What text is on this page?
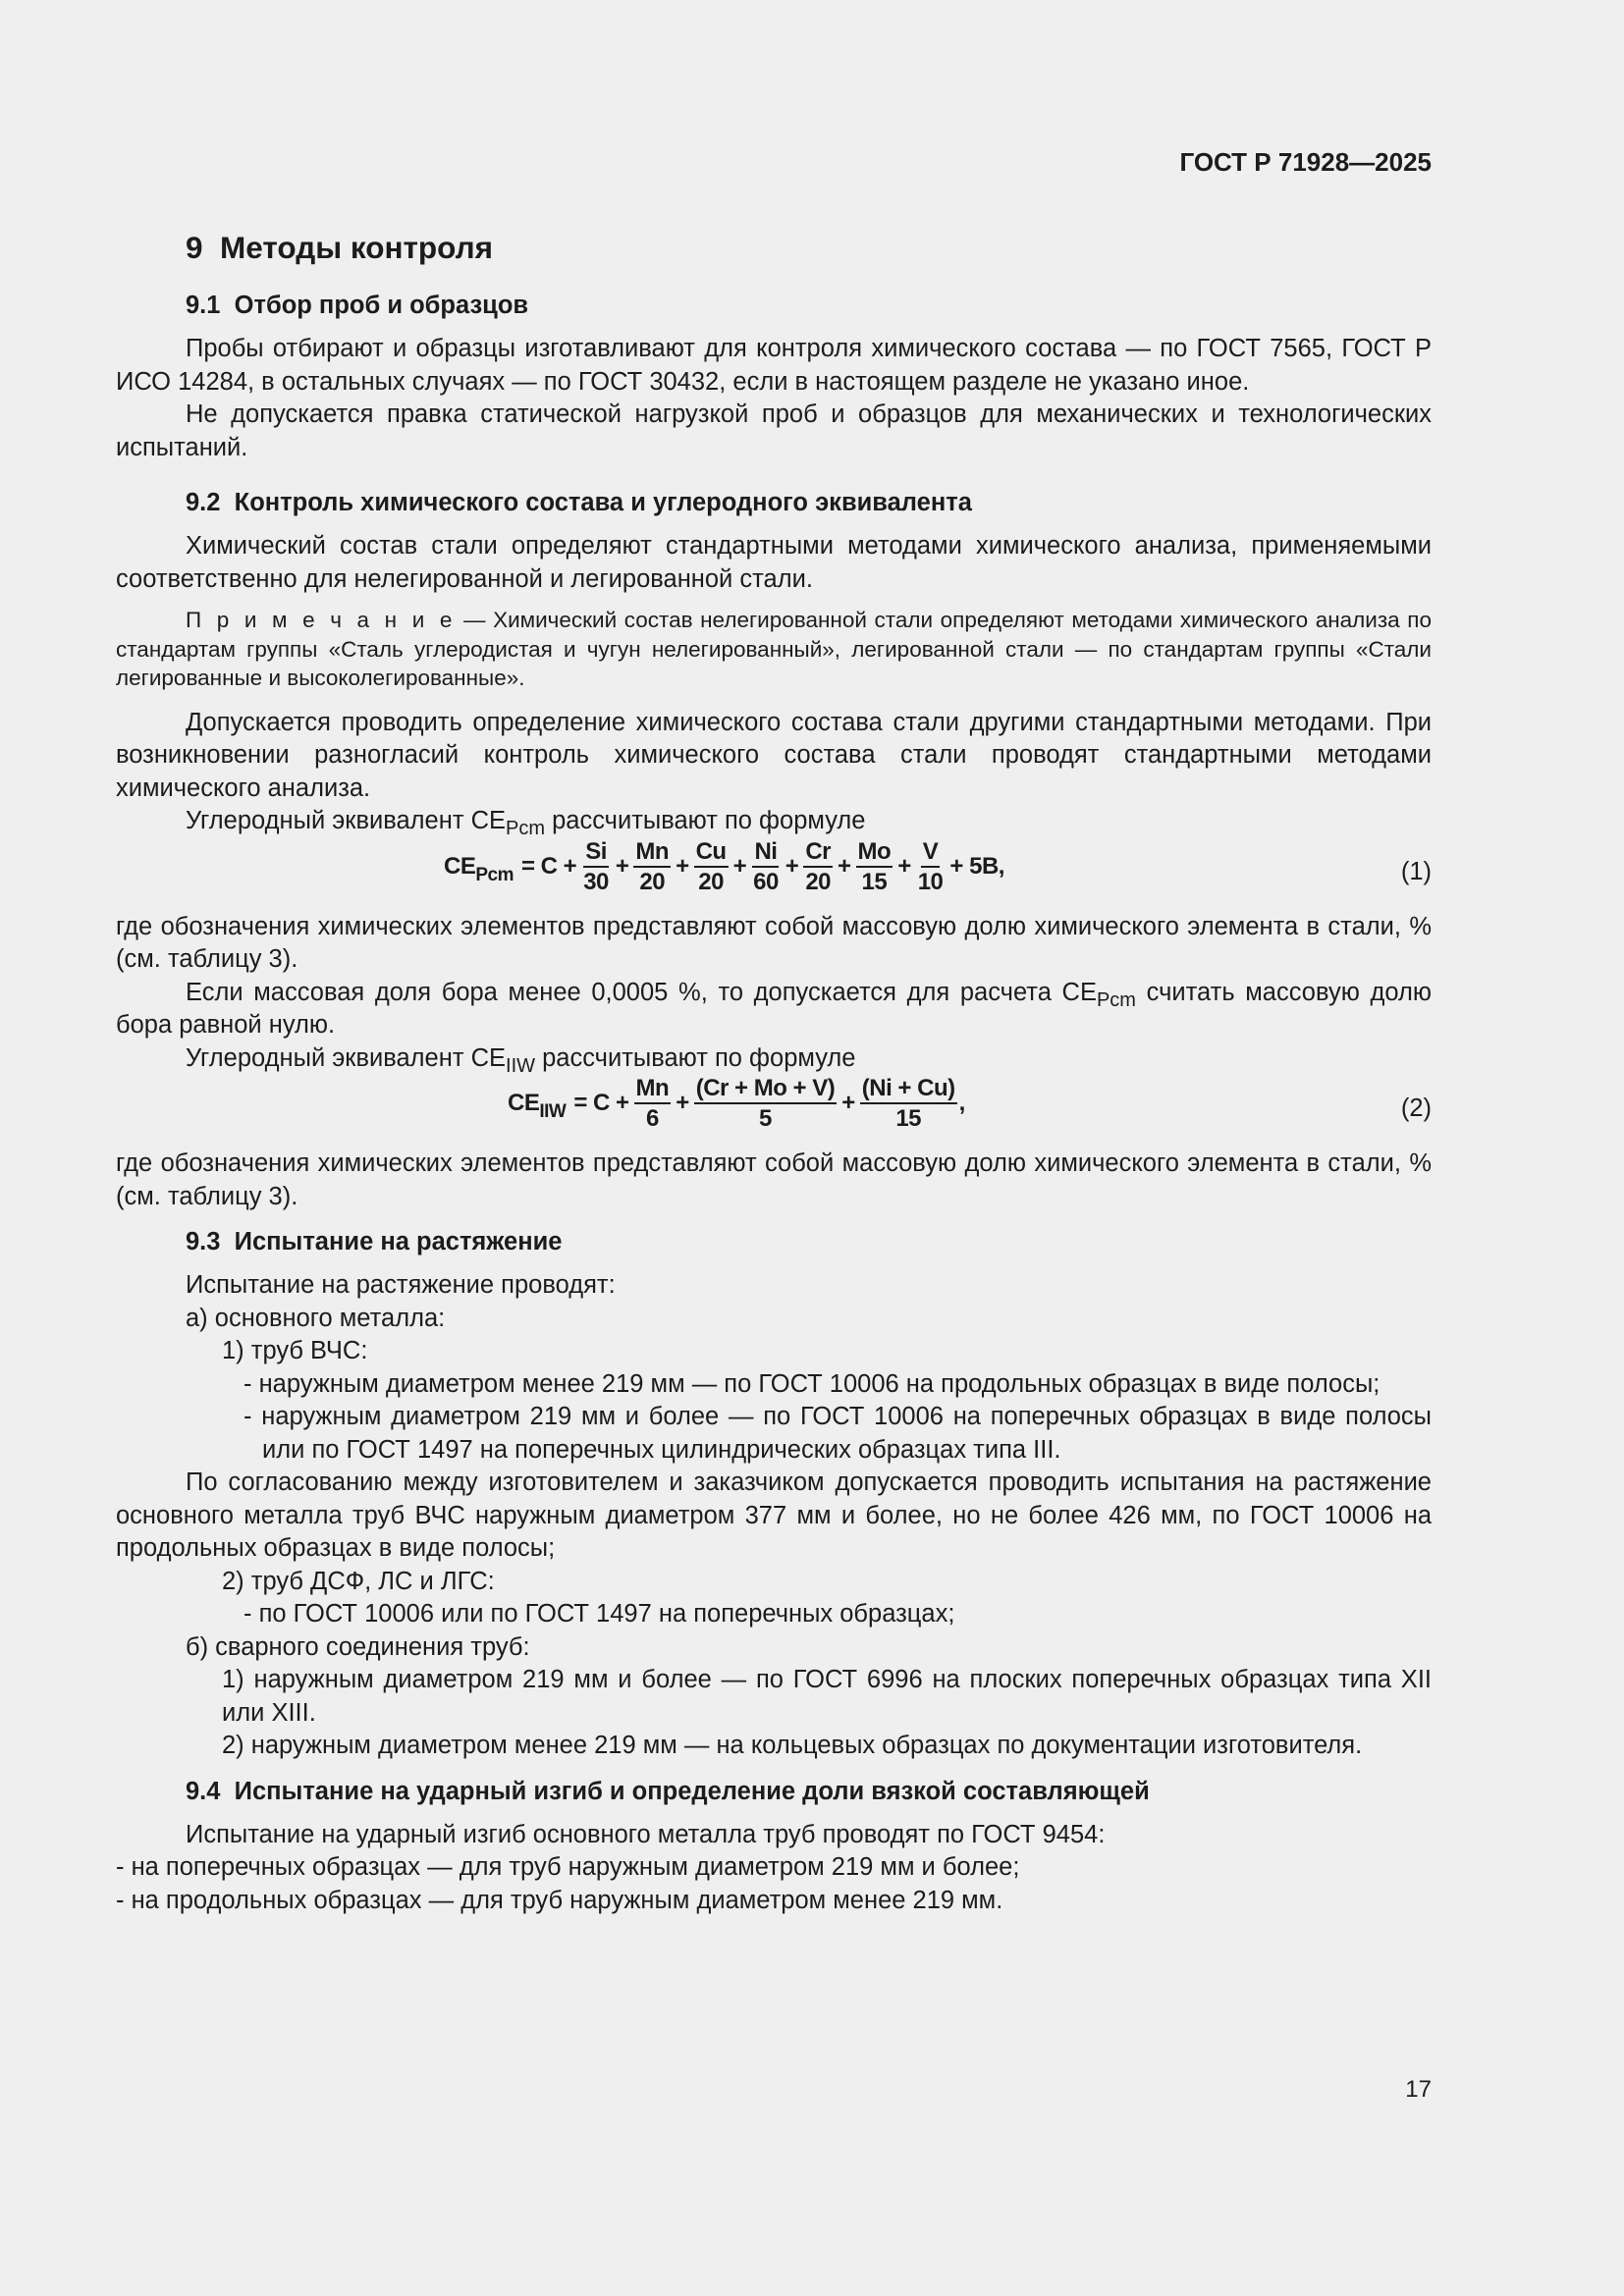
ГОСТ Р 71928—2025
9 Методы контроля
9.1 Отбор проб и образцов

Пробы отбирают и образцы изготавливают для контроля химического состава — по ГОСТ 7565, ГОСТ Р ИСО 14284, в остальных случаях — по ГОСТ 30432, если в настоящем разделе не указано иное.

Не допускается правка статической нагрузкой проб и образцов для механических и технологических испытаний.

9.2 Контроль химического состава и углеродного эквивалента

Химический состав стали определяют стандартными методами химического анализа, применяемыми соответственно для нелегированной и легированной стали.

П р и м е ч а н и е — Химический состав нелегированной стали определяют методами химического анализа по стандартам группы «Сталь углеродистая и чугун нелегированный», легированной стали — по стандартам группы «Стали легированные и высоколегированные».

Допускается проводить определение химического состава стали другими стандартными методами. При возникновении разногласий контроль химического состава стали проводят стандартными методами химического анализа.

Углеродный эквивалент $CE_{Pcm}$ рассчитывают по формуле

$CE_{Pcm} = C + \frac{Si}{30} + \frac{Mn}{20} + \frac{Cu}{20} + \frac{Ni}{60} + \frac{Cr}{20} + \frac{Mo}{15} + \frac{V}{10} + 5B$,	(1)

где обозначения химических элементов представляют собой массовую долю химического элемента в стали, % (см. таблицу 3).

Если массовая доля бора менее 0,0005 %, то допускается для расчета $CE_{Pcm}$ считать массовую долю бора равной нулю.

Углеродный эквивалент $CE_{IIW}$ рассчитывают по формуле

$CE_{IIW} = C + \frac{Mn}{6} + \frac{(Cr + Mo + V)}{5} + \frac{(Ni + Cu)}{15}$ ,	(2)

где обозначения химических элементов представляют собой массовую долю химического элемента в стали, % (см. таблицу 3).

9.3 Испытание на растяжение

Испытание на растяжение проводят:

а) основного металла:

1) труб ВЧС:

- наружным диаметром менее 219 мм — по ГОСТ 10006 на продольных образцах в виде полосы;

- наружным диаметром 219 мм и более — по ГОСТ 10006 на поперечных образцах в виде полосы или по ГОСТ 1497 на поперечных цилиндрических образцах типа III.

По согласованию между изготовителем и заказчиком допускается проводить испытания на растяжение основного металла труб ВЧС наружным диаметром 377 мм и более, но не более 426 мм, по ГОСТ 10006 на продольных образцах в виде полосы;

2) труб ДСФ, ЛС и ЛГС:

- по ГОСТ 10006 или по ГОСТ 1497 на поперечных образцах;

б) сварного соединения труб:

1) наружным диаметром 219 мм и более — по ГОСТ 6996 на плоских поперечных образцах типа XII или XIII.

2) наружным диаметром менее 219 мм — на кольцевых образцах по документации изготовителя.

9.4 Испытание на ударный изгиб и определение доли вязкой составляющей

Испытание на ударный изгиб основного металла труб проводят по ГОСТ 9454:

- на поперечных образцах — для труб наружным диаметром 219 мм и более;

- на продольных образцах — для труб наружным диаметром менее 219 мм.

17
